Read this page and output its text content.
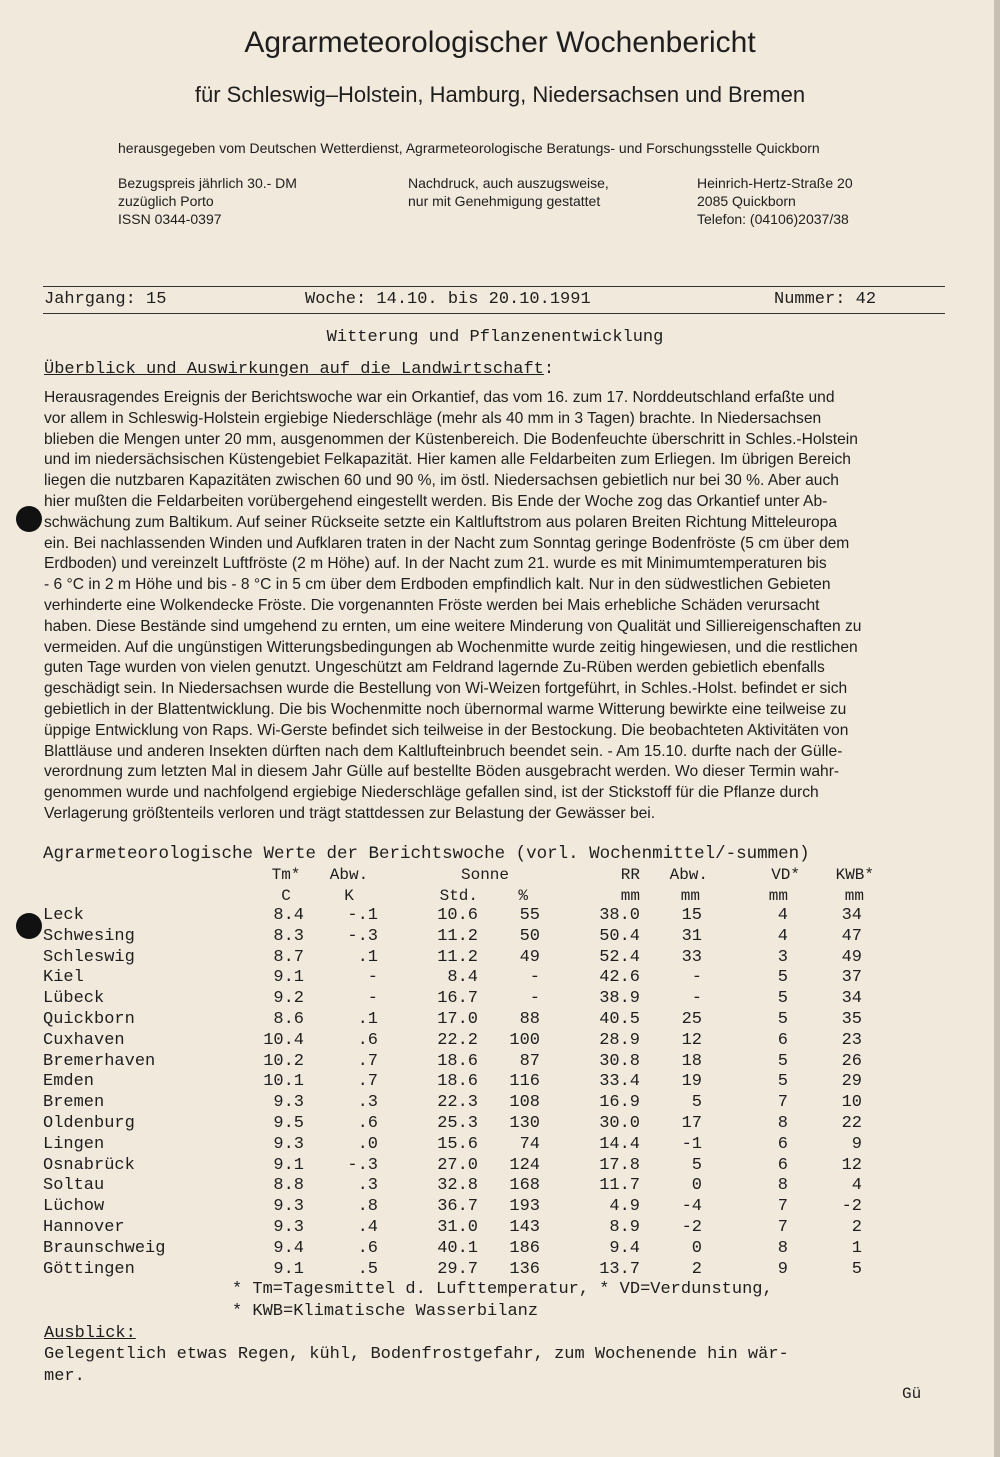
Agrarmeteorologischer Wochenbericht
für Schleswig–Holstein, Hamburg, Niedersachsen und Bremen
herausgegeben vom Deutschen Wetterdienst, Agrarmeteorologische Beratungs- und Forschungsstelle Quickborn
Bezugspreis jährlich 30.- DM
zuzüglich Porto
ISSN 0344-0397
Nachdruck, auch auszugsweise,
nur mit Genehmigung gestattet
Heinrich-Hertz-Straße 20
2085 Quickborn
Telefon: (04106)2037/38
Jahrgang: 15	Woche: 14.10. bis 20.10.1991	Nummer: 42
Witterung und Pflanzenentwicklung
Überblick und Auswirkungen auf die Landwirtschaft:
Herausragendes Ereignis der Berichtswoche war ein Orkantief, das vom 16. zum 17. Norddeutschland erfaßte und
vor allem in Schleswig-Holstein ergiebige Niederschläge (mehr als 40 mm in 3 Tagen) brachte. In Niedersachsen
blieben die Mengen unter 20 mm, ausgenommen der Küstenbereich. Die Bodenfeuchte überschritt in Schles.-Holstein
und im niedersächsischen Küstengebiet Felkapazität. Hier kamen alle Feldarbeiten zum Erliegen. Im übrigen Bereich
liegen die nutzbaren Kapazitäten zwischen 60 und 90 %, im östl. Niedersachsen gebietlich nur bei 30 %. Aber auch
hier mußten die Feldarbeiten vorübergehend eingestellt werden. Bis Ende der Woche zog das Orkantief unter Ab-
schwächung zum Baltikum. Auf seiner Rückseite setzte ein Kaltluftstrom aus polaren Breiten Richtung Mitteleuropa
ein. Bei nachlassenden Winden und Aufklaren traten in der Nacht zum Sonntag geringe Bodenfröste (5 cm über dem
Erdboden) und vereinzelt Luftfröste (2 m Höhe) auf. In der Nacht zum 21. wurde es mit Minimumtemperaturen bis
- 6 °C in 2 m Höhe und bis - 8 °C in 5 cm über dem Erdboden empfindlich kalt. Nur in den südwestlichen Gebieten
verhinderte eine Wolkendecke Fröste. Die vorgenannten Fröste werden bei Mais erhebliche Schäden verursacht
haben. Diese Bestände sind umgehend zu ernten, um eine weitere Minderung von Qualität und Silliereigenschaften zu
vermeiden. Auf die ungünstigen Witterungsbedingungen ab Wochenmitte wurde zeitig hingewiesen, und die restlichen
guten Tage wurden von vielen genutzt. Ungeschützt am Feldrand lagernde Zu-Rüben werden gebietlich ebenfalls
geschädigt sein. In Niedersachsen wurde die Bestellung von Wi-Weizen fortgeführt, in Schles.-Holst. befindet er sich
gebietlich in der Blattentwicklung. Die bis Wochenmitte noch übernormal warme Witterung bewirkte eine teilweise zu
üppige Entwicklung von Raps. Wi-Gerste befindet sich teilweise in der Bestockung. Die beobachteten Aktivitäten von
Blattläuse und anderen Insekten dürften nach dem Kaltlufteinbruch beendet sein. - Am 15.10. durfte nach der Gülle-
verordnung zum letzten Mal in diesem Jahr Gülle auf bestellte Böden ausgebracht werden. Wo dieser Termin wahr-
genommen wurde und nachfolgend ergiebige Niederschläge gefallen sind, ist der Stickstoff für die Pflanze durch
Verlagerung größtenteils verloren und trägt stattdessen zur Belastung der Gewässer bei.
Agrarmeteorologische Werte der Berichtswoche (vorl. Wochenmittel/-summen)
Tm*	Abw.	Sonne	RR	Abw.	VD*	KWB*
C	K	Std.	%	mm	mm	mm	mm
Leck	8.4	-.1	10.6	55	38.0	15	4	34
Schwesing	8.3	-.3	11.2	50	50.4	31	4	47
Schleswig	8.7	.1	11.2	49	52.4	33	3	49
Kiel	9.1	-	8.4	-	42.6	-	5	37
Lübeck	9.2	-	16.7	-	38.9	-	5	34
Quickborn	8.6	.1	17.0	88	40.5	25	5	35
Cuxhaven	10.4	.6	22.2	100	28.9	12	6	23
Bremerhaven	10.2	.7	18.6	87	30.8	18	5	26
Emden	10.1	.7	18.6	116	33.4	19	5	29
Bremen	9.3	.3	22.3	108	16.9	5	7	10
Oldenburg	9.5	.6	25.3	130	30.0	17	8	22
Lingen	9.3	.0	15.6	74	14.4	-1	6	9
Osnabrück	9.1	-.3	27.0	124	17.8	5	6	12
Soltau	8.8	.3	32.8	168	11.7	0	8	4
Lüchow	9.3	.8	36.7	193	4.9	-4	7	-2
Hannover	9.3	.4	31.0	143	8.9	-2	7	2
Braunschweig	9.4	.6	40.1	186	9.4	0	8	1
Göttingen	9.1	.5	29.7	136	13.7	2	9	5
* Tm=Tagesmittel d. Lufttemperatur, * VD=Verdunstung,
* KWB=Klimatische Wasserbilanz
Ausblick:
Gelegentlich etwas Regen, kühl, Bodenfrostgefahr, zum Wochenende hin wär-
mer.
Gü
